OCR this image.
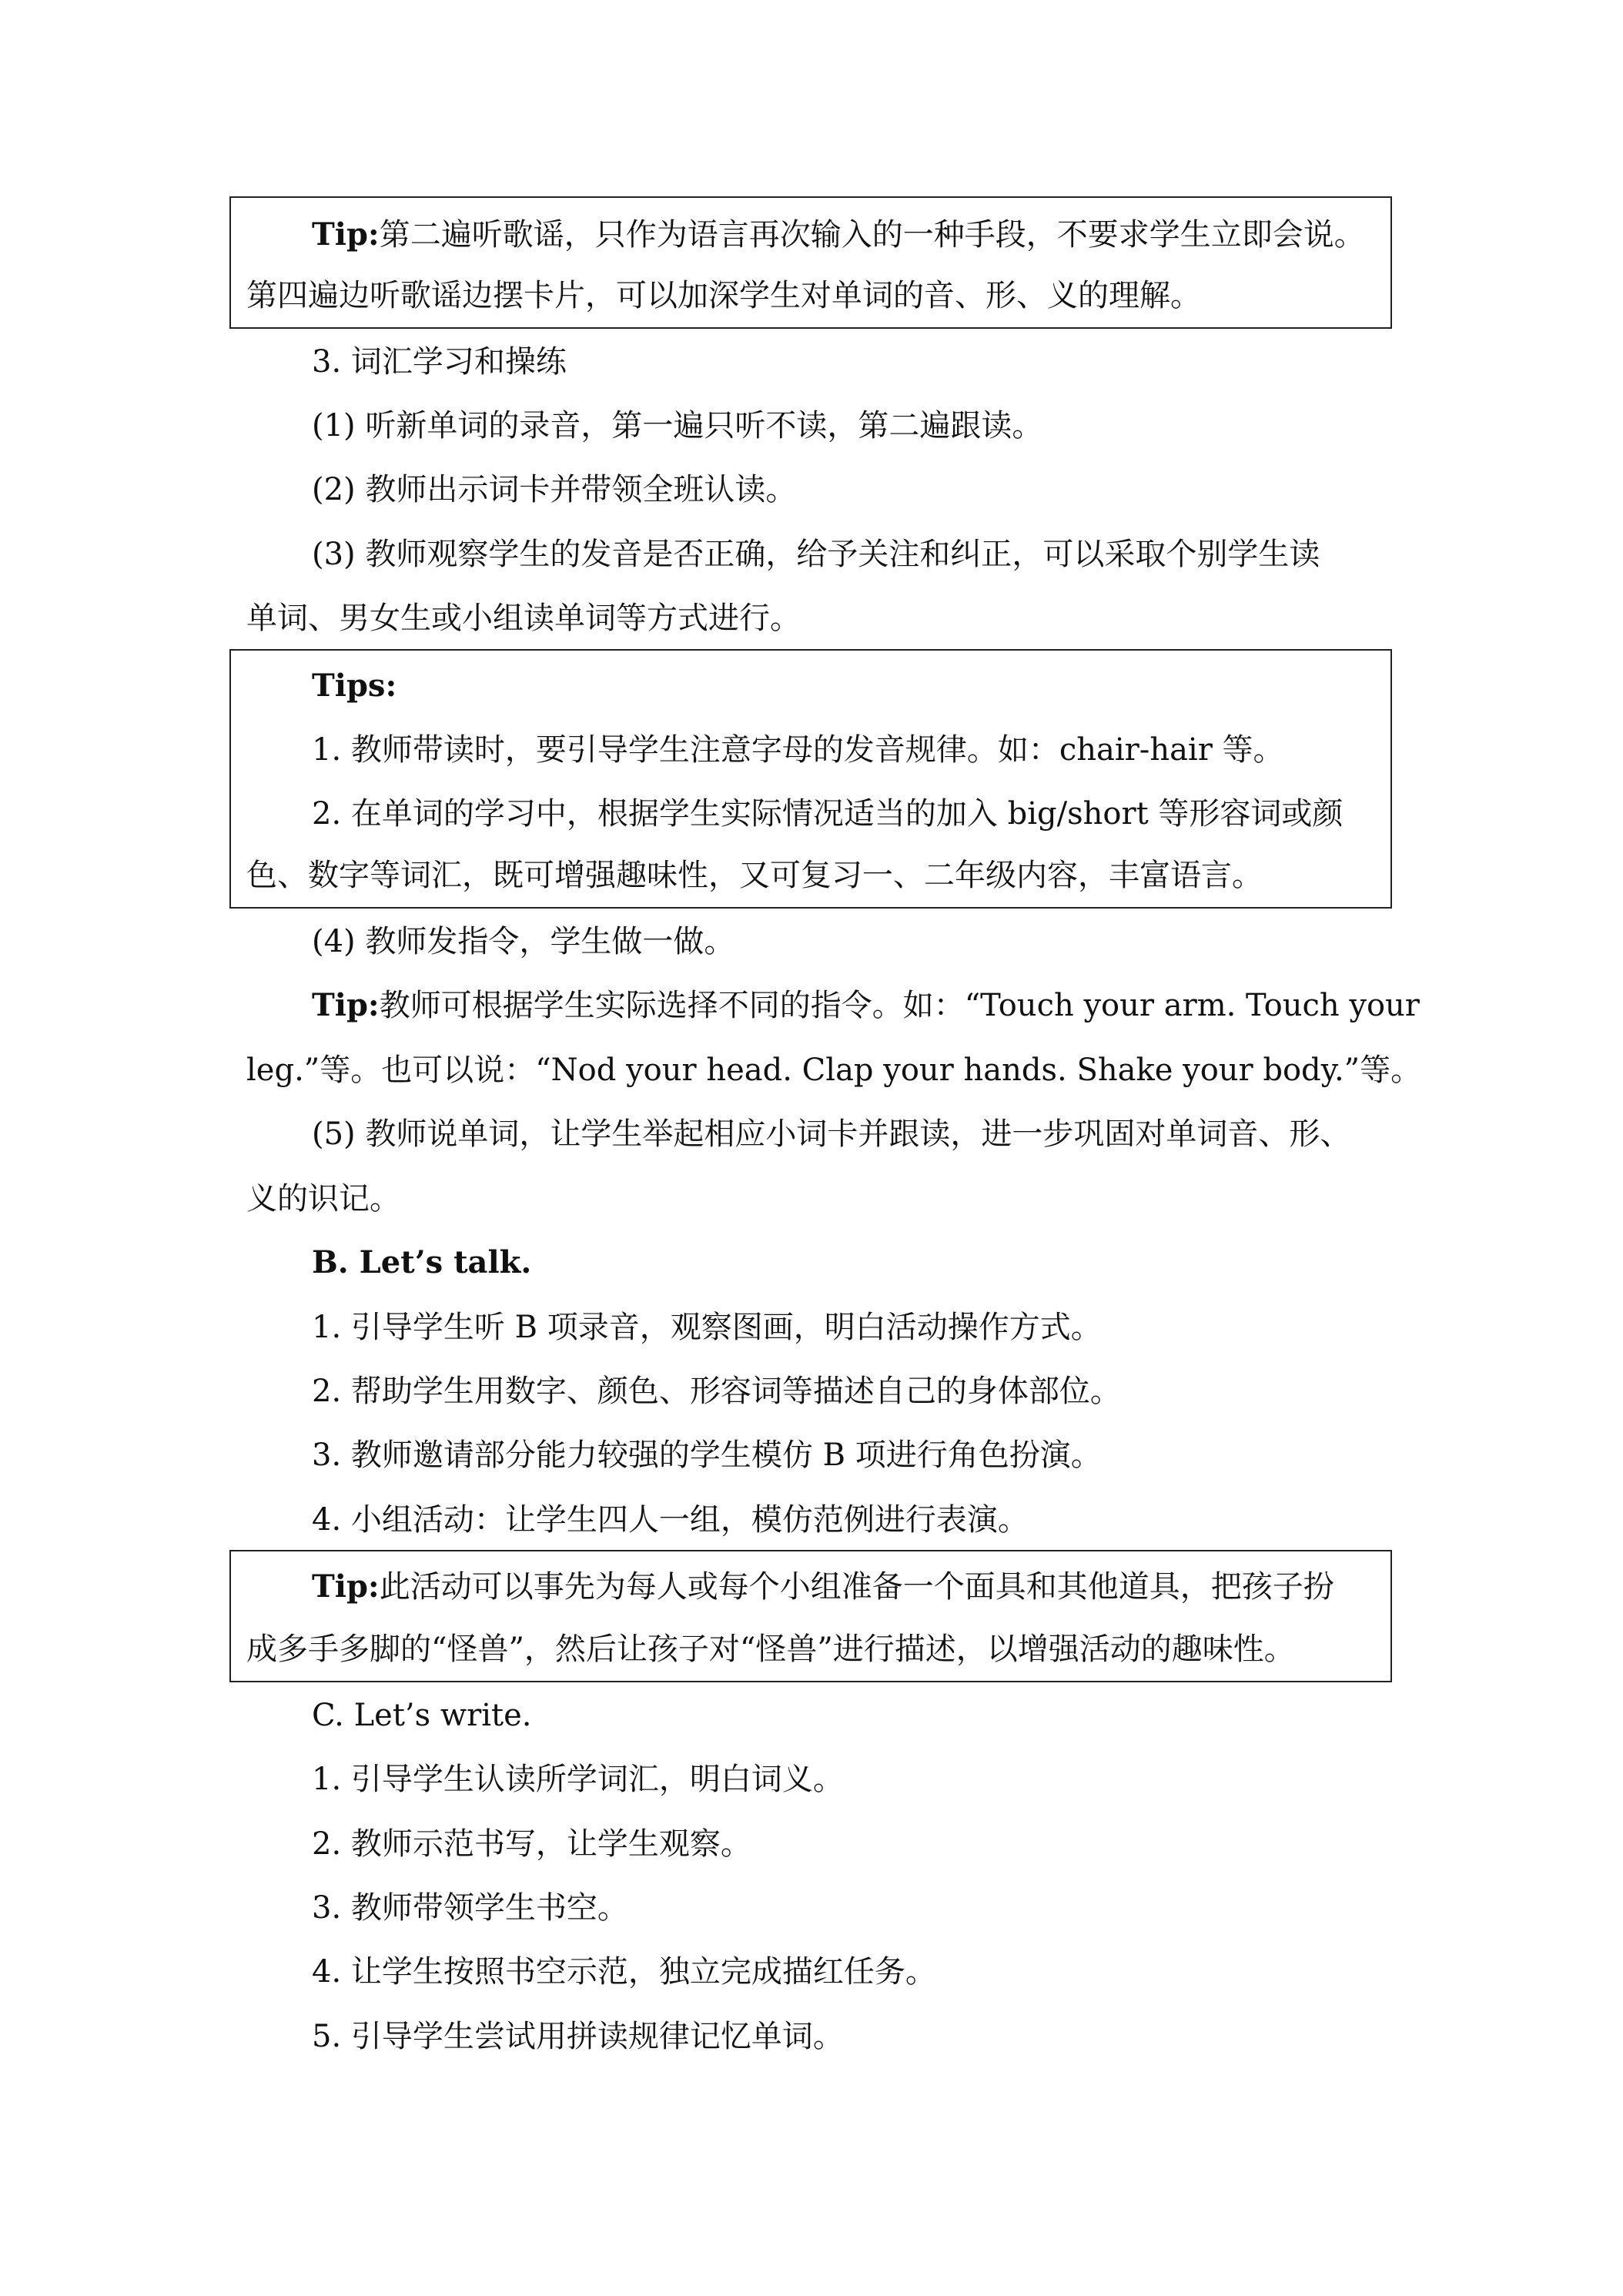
Tip:第二遍听歌谣，只作为语言再次输入的一种手段，不要求学生立即会说。
第四遍边听歌谣边摆卡片，可以加深学生对单词的音、形、义的理解。
3. 词汇学习和操练
(1) 听新单词的录音，第一遍只听不读，第二遍跟读。
(2) 教师出示词卡并带领全班认读。
(3) 教师观察学生的发音是否正确，给予关注和纠正，可以采取个别学生读
单词、男女生或小组读单词等方式进行。
Tips:
1. 教师带读时，要引导学生注意字母的发音规律。如：chair-hair 等。
2. 在单词的学习中，根据学生实际情况适当的加入 big/short 等形容词或颜
色、数字等词汇，既可增强趣味性，又可复习一、二年级内容，丰富语言。
(4) 教师发指令，学生做一做。
Tip:教师可根据学生实际选择不同的指令。如：“Touch your arm. Touch your
leg.”等。也可以说：“Nod your head. Clap your hands. Shake your body.”等。
(5) 教师说单词，让学生举起相应小词卡并跟读，进一步巩固对单词音、形、
义的识记。
B. Let’s talk.
1. 引导学生听 B 项录音，观察图画，明白活动操作方式。
2. 帮助学生用数字、颜色、形容词等描述自己的身体部位。
3. 教师邀请部分能力较强的学生模仿 B 项进行角色扮演。
4. 小组活动：让学生四人一组，模仿范例进行表演。
Tip:此活动可以事先为每人或每个小组准备一个面具和其他道具，把孩子扮
成多手多脚的“怪兽”，然后让孩子对“怪兽”进行描述，以增强活动的趣味性。
C. Let’s write.
1. 引导学生认读所学词汇，明白词义。
2. 教师示范书写，让学生观察。
3. 教师带领学生书空。
4. 让学生按照书空示范，独立完成描红任务。
5. 引导学生尝试用拼读规律记忆单词。
